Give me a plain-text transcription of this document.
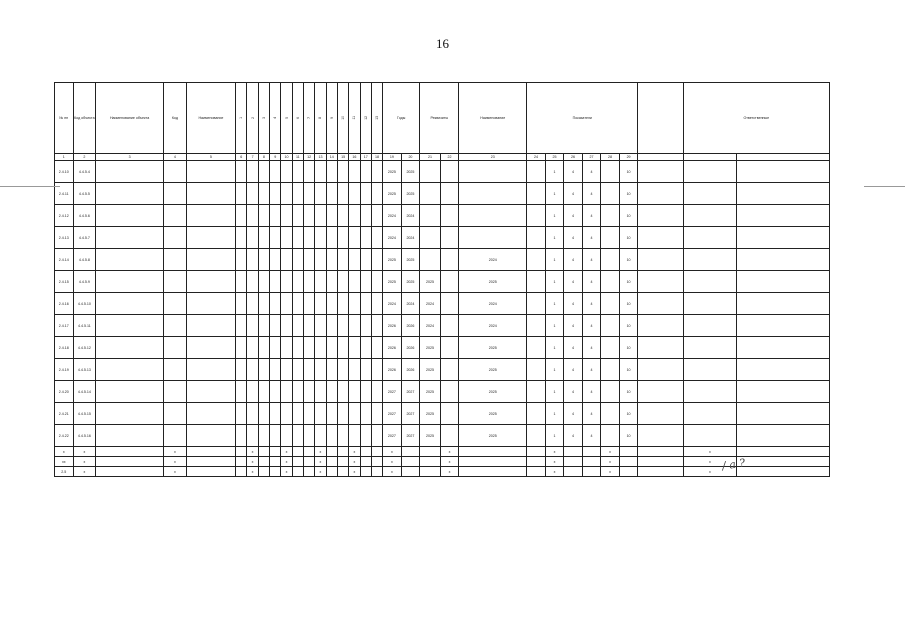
16
№ пп	Код объекта	Наименование объекта	Код	Наименование	1	2	3	4	5	6	7	8	9	10	11	12	13	Годы		Реквизиты		Наименование	Показатели							Ответственные	
1	2	3	4	5	6	7	8	9	10	11	12	13	14	15	16	17	18	19	20	21	22	23	24	25	26	27	28	29			
2.4.10	4.4.5.4																	2025	2025					1	4	4		10			
2.4.11	4.4.5.5																	2025	2025					1	4	4		10			
2.4.12	4.4.5.6																	2024	2024					1	4	4		10			
2.4.13	4.4.5.7																	2024	2024					1	4	4		10			
2.4.14	4.4.5.8																	2025	2025			2024		1	4	4		10			
2.4.15	4.4.5.9																	2025	2025	2025		2025		1	4	4		10			
2.4.16	4.4.5.10																	2024	2024	2024		2024		1	4	4		10			
2.4.17	4.4.5.11																	2026	2026	2024		2024		1	4	4		10			
2.4.18	4.4.5.12																	2026	2026	2025		2025		1	4	4		10			
2.4.19	4.4.5.13																	2026	2026	2025		2025		1	4	4		10			
2.4.20	4.4.5.14																	2027	2027	2025		2025		1	4	4		10			
2.4.21	4.4.5.15																	2027	2027	2025		2025		1	4	4		10			
2.4.22	4.4.5.16																	2027	2027	2025		2025		1	4	4		10			
х	х		х			х			х			х			х			х			х			х			х			х	
хх	х		х			х			х			х			х			х			х			х			х			х	
2.5	х		х			х			х			х			х			х			х			х			х			х	/ a ?
